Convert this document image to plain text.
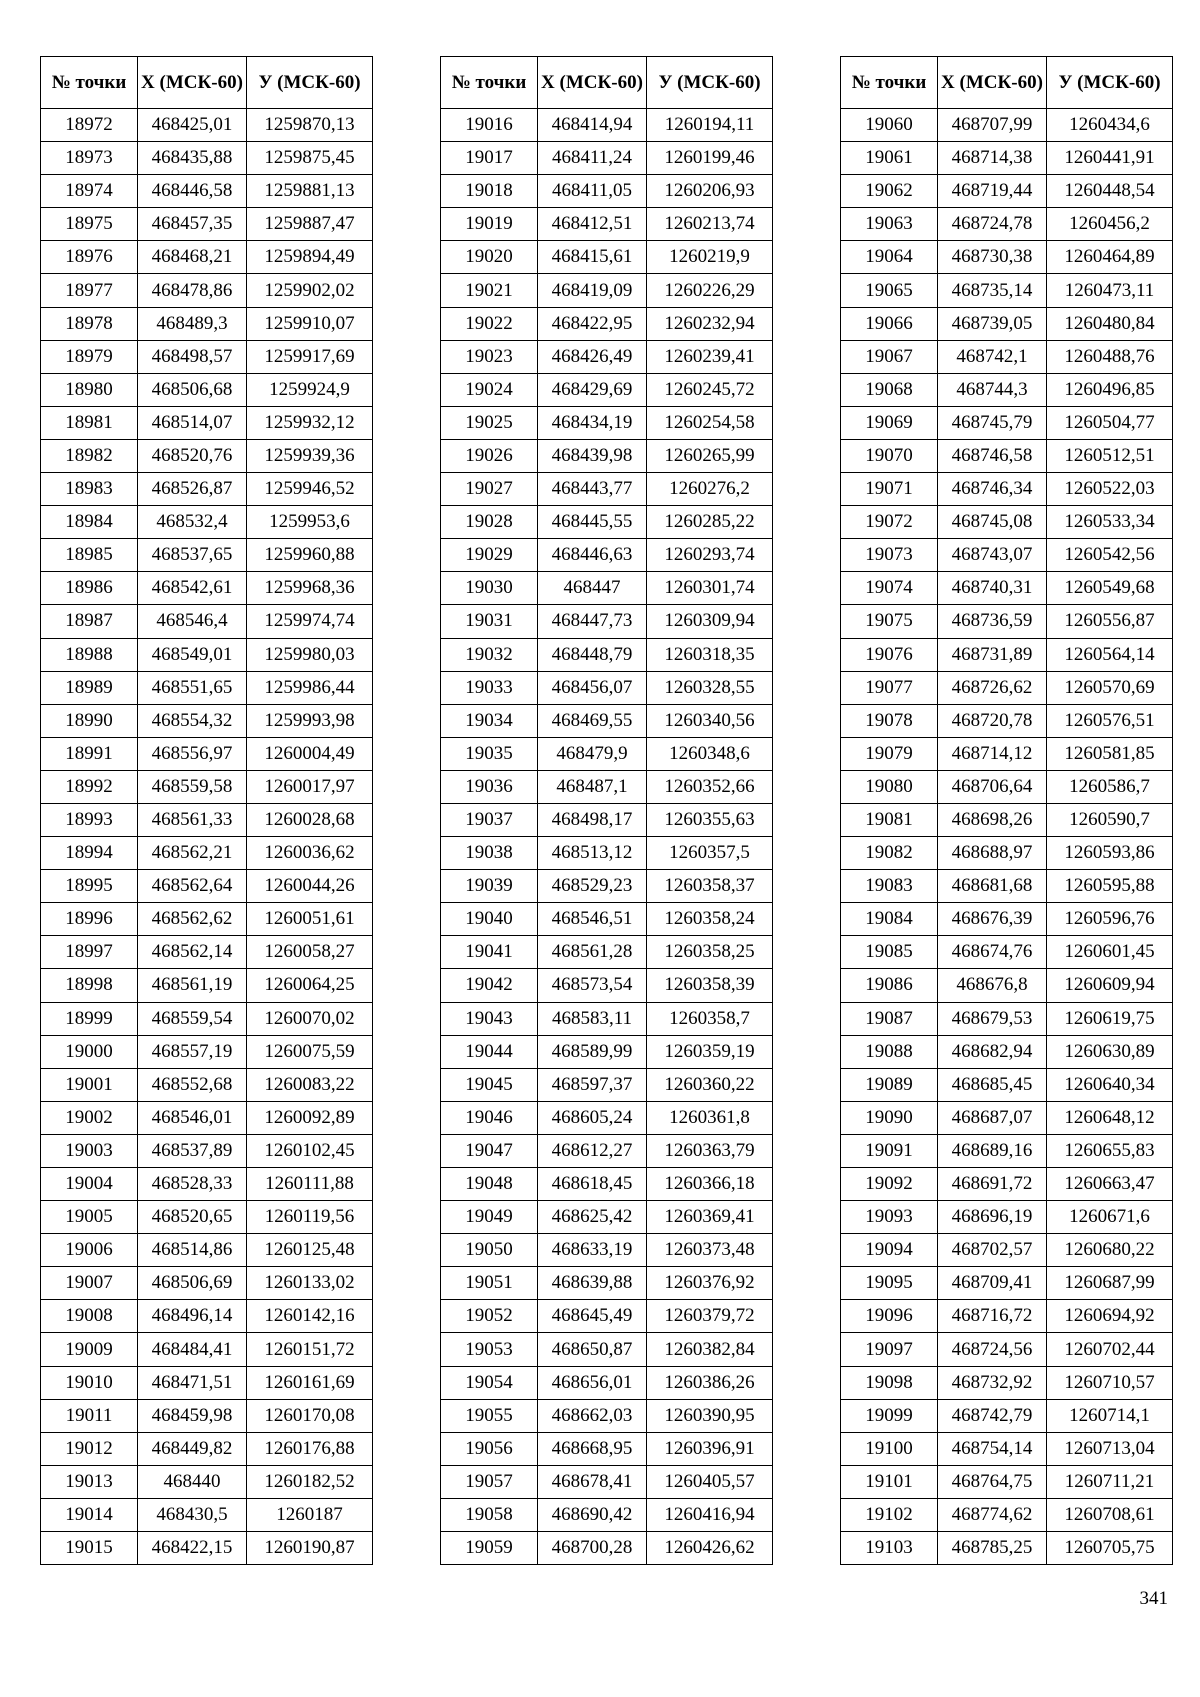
№ точки	X (МСК-60)	У (МСК-60)
18972	468425,01	1259870,13
18973	468435,88	1259875,45
18974	468446,58	1259881,13
18975	468457,35	1259887,47
18976	468468,21	1259894,49
18977	468478,86	1259902,02
18978	468489,3	1259910,07
18979	468498,57	1259917,69
18980	468506,68	1259924,9
18981	468514,07	1259932,12
18982	468520,76	1259939,36
18983	468526,87	1259946,52
18984	468532,4	1259953,6
18985	468537,65	1259960,88
18986	468542,61	1259968,36
18987	468546,4	1259974,74
18988	468549,01	1259980,03
18989	468551,65	1259986,44
18990	468554,32	1259993,98
18991	468556,97	1260004,49
18992	468559,58	1260017,97
18993	468561,33	1260028,68
18994	468562,21	1260036,62
18995	468562,64	1260044,26
18996	468562,62	1260051,61
18997	468562,14	1260058,27
18998	468561,19	1260064,25
18999	468559,54	1260070,02
19000	468557,19	1260075,59
19001	468552,68	1260083,22
19002	468546,01	1260092,89
19003	468537,89	1260102,45
19004	468528,33	1260111,88
19005	468520,65	1260119,56
19006	468514,86	1260125,48
19007	468506,69	1260133,02
19008	468496,14	1260142,16
19009	468484,41	1260151,72
19010	468471,51	1260161,69
19011	468459,98	1260170,08
19012	468449,82	1260176,88
19013	468440	1260182,52
19014	468430,5	1260187
19015	468422,15	1260190,87
№ точки	X (МСК-60)	У (МСК-60)
19016	468414,94	1260194,11
19017	468411,24	1260199,46
19018	468411,05	1260206,93
19019	468412,51	1260213,74
19020	468415,61	1260219,9
19021	468419,09	1260226,29
19022	468422,95	1260232,94
19023	468426,49	1260239,41
19024	468429,69	1260245,72
19025	468434,19	1260254,58
19026	468439,98	1260265,99
19027	468443,77	1260276,2
19028	468445,55	1260285,22
19029	468446,63	1260293,74
19030	468447	1260301,74
19031	468447,73	1260309,94
19032	468448,79	1260318,35
19033	468456,07	1260328,55
19034	468469,55	1260340,56
19035	468479,9	1260348,6
19036	468487,1	1260352,66
19037	468498,17	1260355,63
19038	468513,12	1260357,5
19039	468529,23	1260358,37
19040	468546,51	1260358,24
19041	468561,28	1260358,25
19042	468573,54	1260358,39
19043	468583,11	1260358,7
19044	468589,99	1260359,19
19045	468597,37	1260360,22
19046	468605,24	1260361,8
19047	468612,27	1260363,79
19048	468618,45	1260366,18
19049	468625,42	1260369,41
19050	468633,19	1260373,48
19051	468639,88	1260376,92
19052	468645,49	1260379,72
19053	468650,87	1260382,84
19054	468656,01	1260386,26
19055	468662,03	1260390,95
19056	468668,95	1260396,91
19057	468678,41	1260405,57
19058	468690,42	1260416,94
19059	468700,28	1260426,62
№ точки	X (МСК-60)	У (МСК-60)
19060	468707,99	1260434,6
19061	468714,38	1260441,91
19062	468719,44	1260448,54
19063	468724,78	1260456,2
19064	468730,38	1260464,89
19065	468735,14	1260473,11
19066	468739,05	1260480,84
19067	468742,1	1260488,76
19068	468744,3	1260496,85
19069	468745,79	1260504,77
19070	468746,58	1260512,51
19071	468746,34	1260522,03
19072	468745,08	1260533,34
19073	468743,07	1260542,56
19074	468740,31	1260549,68
19075	468736,59	1260556,87
19076	468731,89	1260564,14
19077	468726,62	1260570,69
19078	468720,78	1260576,51
19079	468714,12	1260581,85
19080	468706,64	1260586,7
19081	468698,26	1260590,7
19082	468688,97	1260593,86
19083	468681,68	1260595,88
19084	468676,39	1260596,76
19085	468674,76	1260601,45
19086	468676,8	1260609,94
19087	468679,53	1260619,75
19088	468682,94	1260630,89
19089	468685,45	1260640,34
19090	468687,07	1260648,12
19091	468689,16	1260655,83
19092	468691,72	1260663,47
19093	468696,19	1260671,6
19094	468702,57	1260680,22
19095	468709,41	1260687,99
19096	468716,72	1260694,92
19097	468724,56	1260702,44
19098	468732,92	1260710,57
19099	468742,79	1260714,1
19100	468754,14	1260713,04
19101	468764,75	1260711,21
19102	468774,62	1260708,61
19103	468785,25	1260705,75
341
